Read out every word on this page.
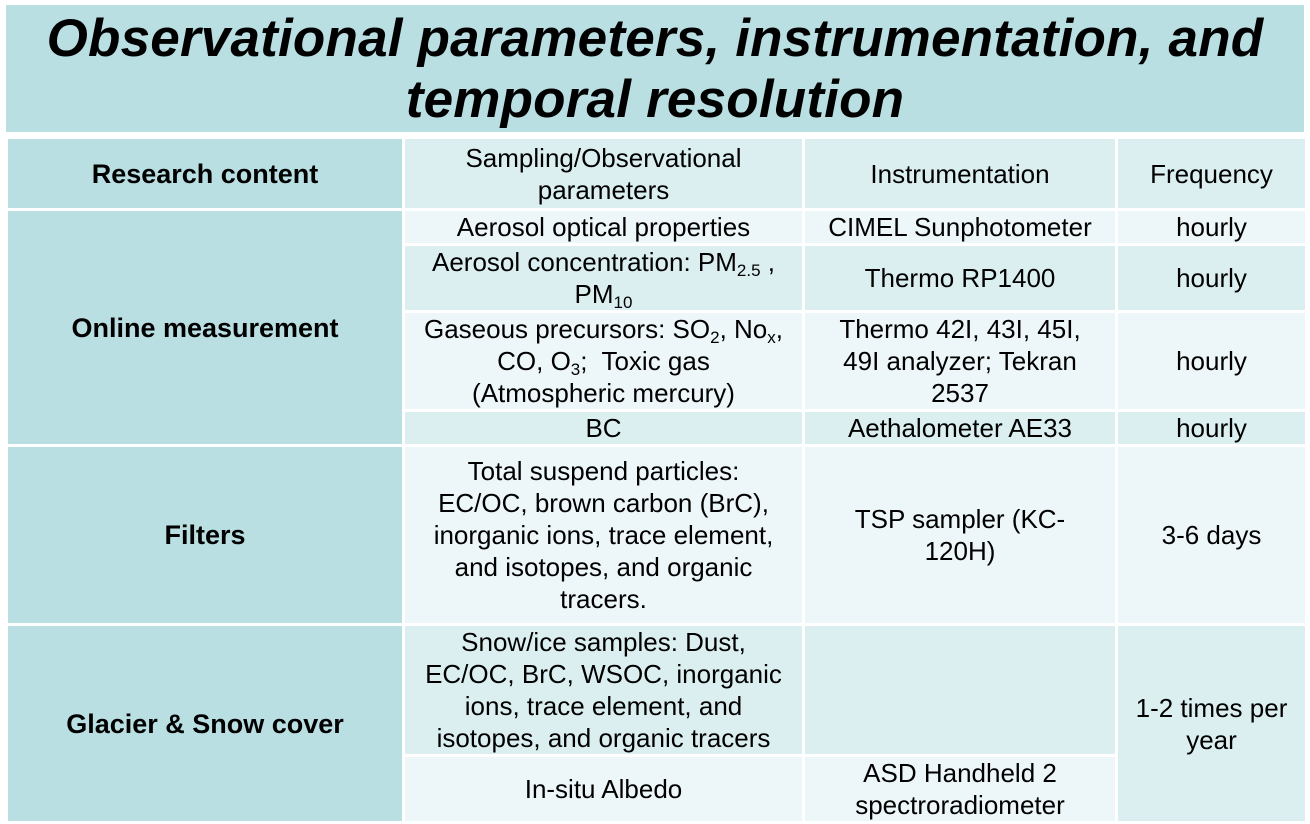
Observational parameters, instrumentation, and
temporal resolution
Research content	Sampling/Observational parameters	Instrumentation	Frequency
Online measurement	Aerosol optical properties	CIMEL Sunphotometer	hourly
	Aerosol concentration: $PM_{2.5}$ ,
$PM_{10}$	Thermo RP1400	hourly
	Gaseous precursors: $SO_2$, $No_x$,
CO, $O_3$;  Toxic gas
(Atmospheric mercury)	Thermo 42I, 43I, 45I, 49I analyzer; Tekran 2537	hourly
	BC	Aethalometer AE33	hourly
Filters	Total suspend particles: EC/OC, brown carbon (BrC), inorganic ions, trace element, and isotopes, and organic tracers.	TSP sampler (KC-120H)	3-6 days
Glacier & Snow cover	Snow/ice samples: Dust, EC/OC, BrC, WSOC, inorganic ions, trace element, and isotopes, and organic tracers		1-2 times per year
	In-situ Albedo	ASD Handheld 2 spectroradiometer	
